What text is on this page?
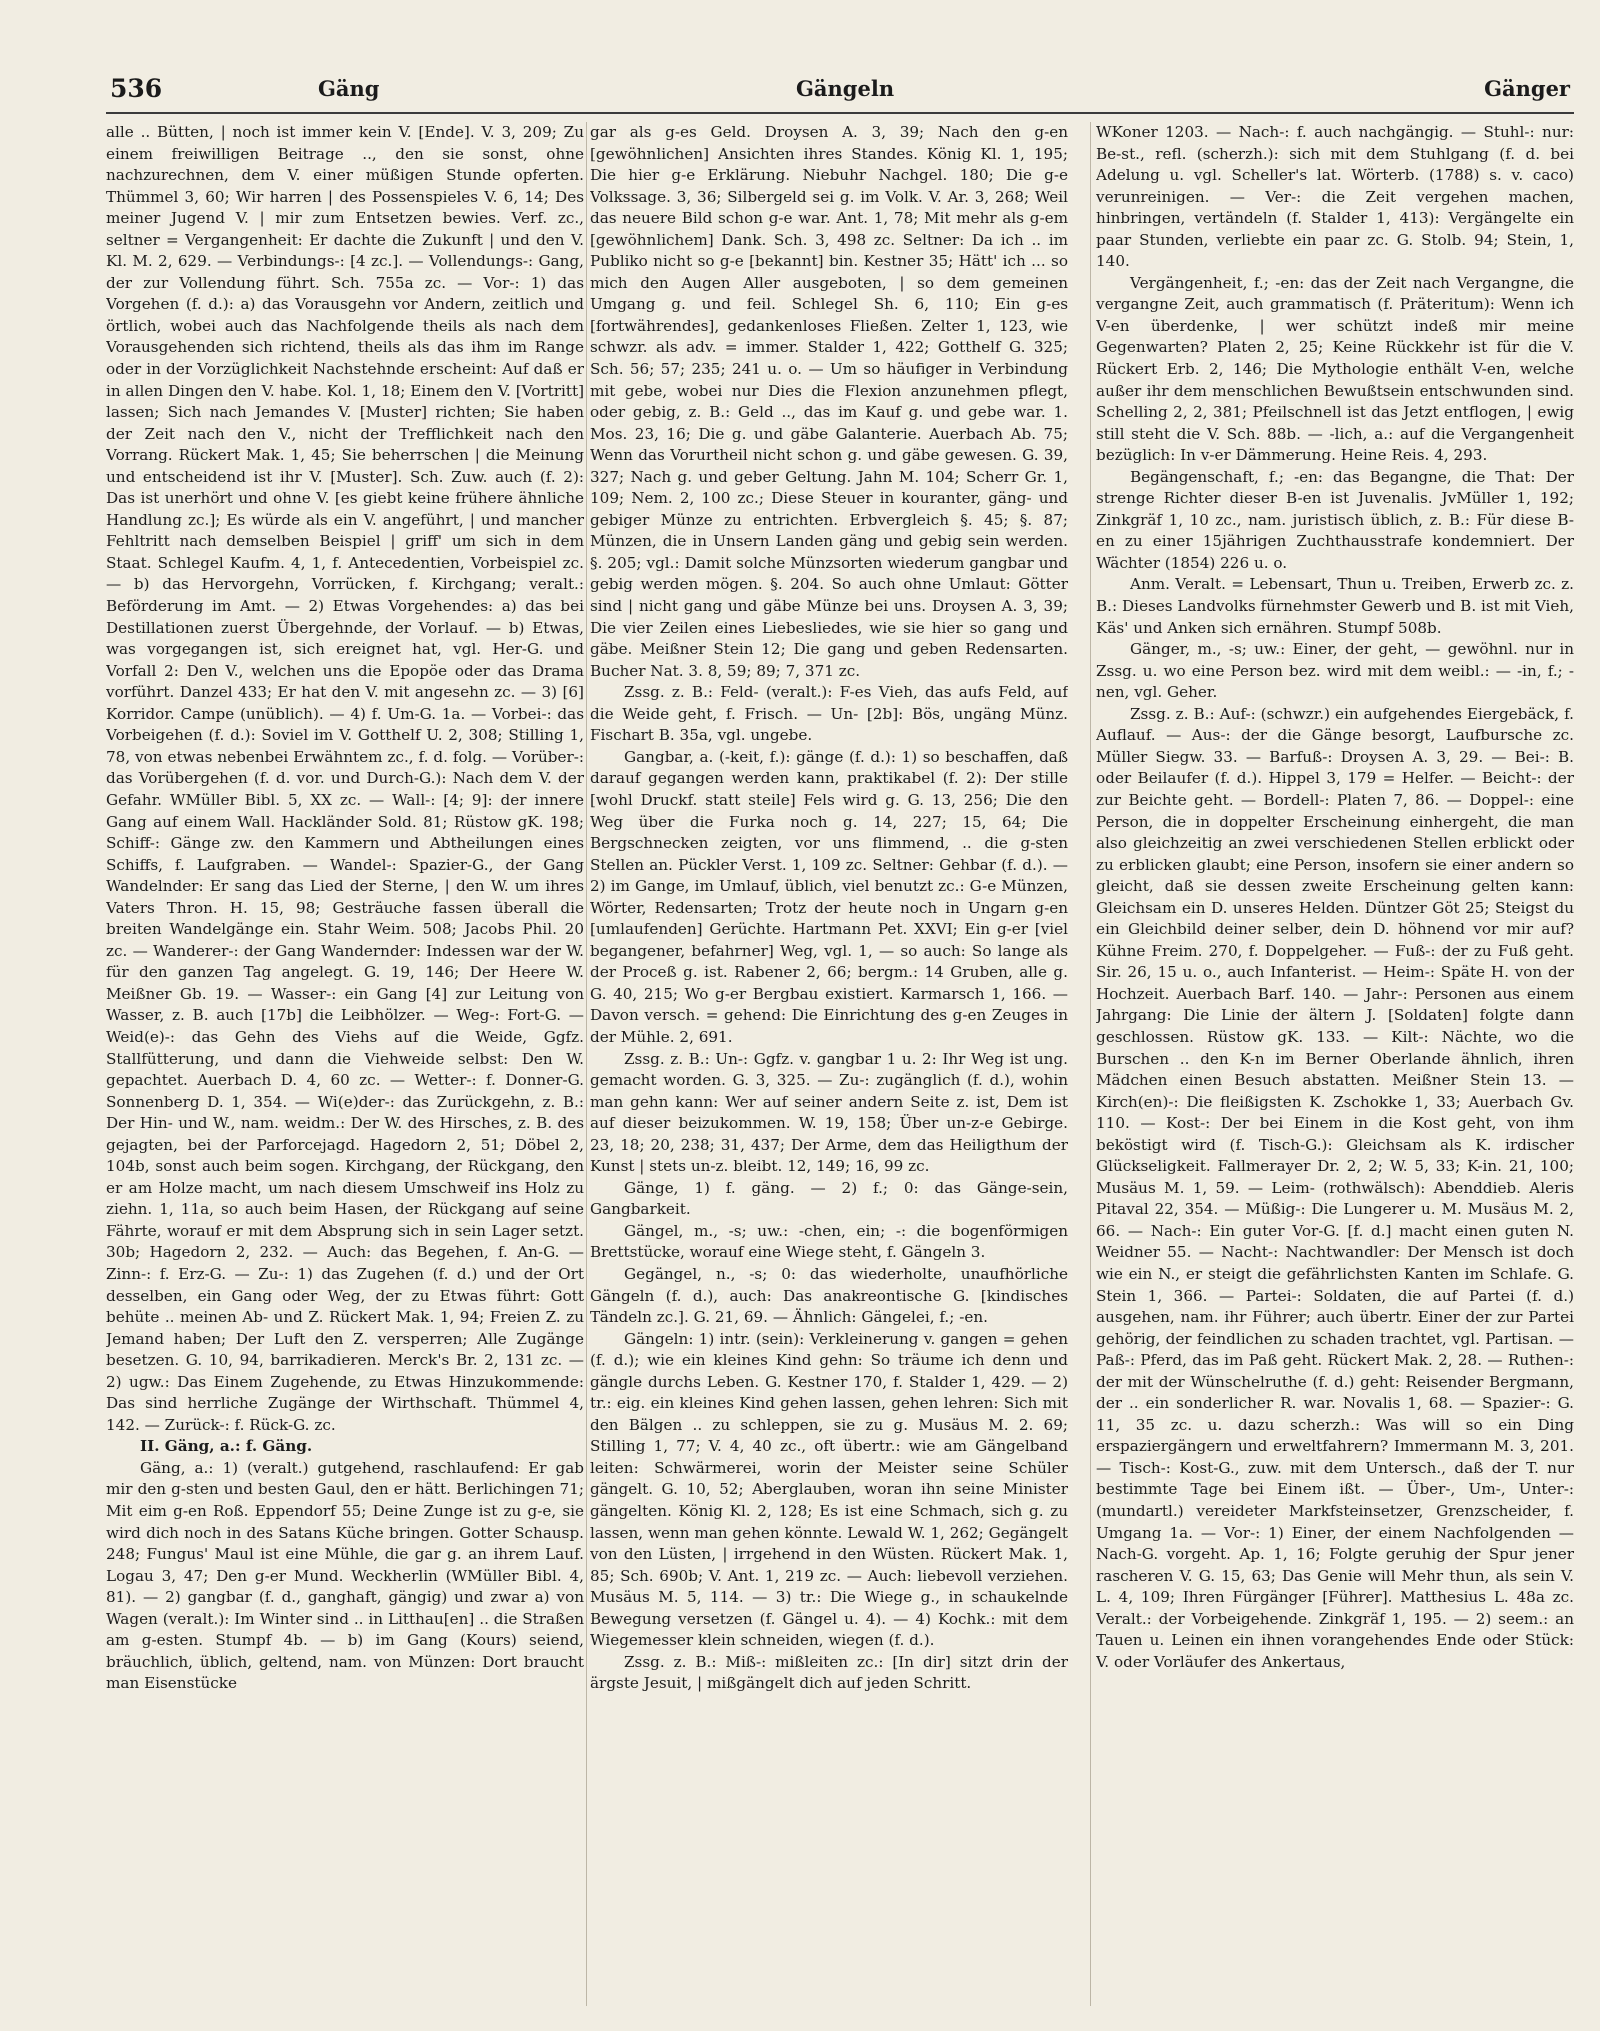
536	Gäng	Gängeln	Gänger

alle .. Bütten, | noch ist immer kein V. [Ende]. V. 3, 209; Zu einem freiwilligen Beitrage .., den sie sonst, ohne nachzurechnen, dem V. einer müßigen Stunde opferten. Thümmel 3, 60; Wir harren | des Possenspieles V. 6, 14; Des meiner Jugend V. | mir zum Entsetzen bewies. Verf. zc., seltner = Vergangenheit: Er dachte die Zukunft | und den V. Kl. M. 2, 629. — Verbindungs-: [4 zc.]. — Vollendungs-: Gang, der zur Vollendung führt. Sch. 755a zc. — Vor-: 1) das Vorgehen (f. d.): a) das Vorausgehn vor Andern, zeitlich und örtlich, wobei auch das Nachfolgende theils als nach dem Vorausgehenden sich richtend, theils als das ihm im Range oder in der Vorzüglichkeit Nachstehnde erscheint: Auf daß er in allen Dingen den V. habe. Kol. 1, 18; Einem den V. [Vortritt] lassen; Sich nach Jemandes V. [Muster] richten; Sie haben der Zeit nach den V., nicht der Trefflichkeit nach den Vorrang. Rückert Mak. 1, 45; Sie beherrschen | die Meinung und entscheidend ist ihr V. [Muster]. Sch. Zuw. auch (f. 2): Das ist unerhört und ohne V. [es giebt keine frühere ähnliche Handlung zc.]; Es würde als ein V. angeführt, | und mancher Fehltritt nach demselben Beispiel | griff' um sich in dem Staat. Schlegel Kaufm. 4, 1, f. Antecedentien, Vorbeispiel zc. — b) das Hervorgehn, Vorrücken, f. Kirchgang; veralt.: Beförderung im Amt. — 2) Etwas Vorgehendes: a) das bei Destillationen zuerst Übergehnde, der Vorlauf. — b) Etwas, was vorgegangen ist, sich ereignet hat, vgl. Her-G. und Vorfall 2: Den V., welchen uns die Epopöe oder das Drama vorführt. Danzel 433; Er hat den V. mit angesehn zc. — 3) [6] Korridor. Campe (unüblich). — 4) f. Um-G. 1a. — Vorbei-: das Vorbeigehen (f. d.): Soviel im V. Gotthelf U. 2, 308; Stilling 1, 78, von etwas nebenbei Erwähntem zc., f. d. folg. — Vorüber-: das Vorübergehen (f. d. vor. und Durch-G.): Nach dem V. der Gefahr. WMüller Bibl. 5, XX zc. — Wall-: [4; 9]: der innere Gang auf einem Wall. Hackländer Sold. 81; Rüstow gK. 198; Schiff-: Gänge zw. den Kammern und Abtheilungen eines Schiffs, f. Laufgraben. — Wandel-: Spazier-G., der Gang Wandelnder: Er sang das Lied der Sterne, | den W. um ihres Vaters Thron. H. 15, 98; Gesträuche fassen überall die breiten Wandelgänge ein. Stahr Weim. 508; Jacobs Phil. 20 zc. — Wanderer-: der Gang Wandernder: Indessen war der W. für den ganzen Tag angelegt. G. 19, 146; Der Heere W. Meißner Gb. 19. — Wasser-: ein Gang [4] zur Leitung von Wasser, z. B. auch [17b] die Leibhölzer. — Weg-: Fort-G. — Weid(e)-: das Gehn des Viehs auf die Weide, Ggfz. Stallfütterung, und dann die Viehweide selbst: Den W. gepachtet. Auerbach D. 4, 60 zc. — Wetter-: f. Donner-G. Sonnenberg D. 1, 354. — Wi(e)der-: das Zurückgehn, z. B.: Der Hin- und W., nam. weidm.: Der W. des Hirsches, z. B. des gejagten, bei der Parforcejagd. Hagedorn 2, 51; Döbel 2, 104b, sonst auch beim sogen. Kirchgang, der Rückgang, den er am Holze macht, um nach diesem Umschweif ins Holz zu ziehn. 1, 11a, so auch beim Hasen, der Rückgang auf seine Fährte, worauf er mit dem Absprung sich in sein Lager setzt. 30b; Hagedorn 2, 232. — Auch: das Begehen, f. An-G. — Zinn-: f. Erz-G. — Zu-: 1) das Zugehen (f. d.) und der Ort desselben, ein Gang oder Weg, der zu Etwas führt: Gott behüte .. meinen Ab- und Z. Rückert Mak. 1, 94; Freien Z. zu Jemand haben; Der Luft den Z. versperren; Alle Zugänge besetzen. G. 10, 94, barrikadieren. Merck's Br. 2, 131 zc. — 2) ugw.: Das Einem Zugehende, zu Etwas Hinzukommende: Das sind herrliche Zugänge der Wirthschaft. Thümmel 4, 142. — Zurück-: f. Rück-G. zc.

II. Gäng, a.: f. Gäng.

Gäng, a.: 1) (veralt.) gutgehend, raschlaufend: Er gab mir den g-sten und besten Gaul, den er hätt. Berlichingen 71; Mit eim g-en Roß. Eppendorf 55; Deine Zunge ist zu g-e, sie wird dich noch in des Satans Küche bringen. Gotter Schausp. 248; Fungus' Maul ist eine Mühle, die gar g. an ihrem Lauf. Logau 3, 47; Den g-er Mund. Weckherlin (WMüller Bibl. 4, 81). — 2) gangbar (f. d., ganghaft, gängig) und zwar a) von Wagen (veralt.): Im Winter sind .. in Litthau[en] .. die Straßen am g-esten. Stumpf 4b. — b) im Gang (Kours) seiend, bräuchlich, üblich, geltend, nam. von Münzen: Dort braucht man Eisenstücke

gar als g-es Geld. Droysen A. 3, 39; Nach den g-en [gewöhnlichen] Ansichten ihres Standes. König Kl. 1, 195; Die hier g-e Erklärung. Niebuhr Nachgel. 180; Die g-e Volkssage. 3, 36; Silbergeld sei g. im Volk. V. Ar. 3, 268; Weil das neuere Bild schon g-e war. Ant. 1, 78; Mit mehr als g-em [gewöhnlichem] Dank. Sch. 3, 498 zc. Seltner: Da ich .. im Publiko nicht so g-e [bekannt] bin. Kestner 35; Hätt' ich ... so mich den Augen Aller ausgeboten, | so dem gemeinen Umgang g. und feil. Schlegel Sh. 6, 110; Ein g-es [fortwährendes], gedankenloses Fließen. Zelter 1, 123, wie schwzr. als adv. = immer. Stalder 1, 422; Gotthelf G. 325; Sch. 56; 57; 235; 241 u. o. — Um so häufiger in Verbindung mit gebe, wobei nur Dies die Flexion anzunehmen pflegt, oder gebig, z. B.: Geld .., das im Kauf g. und gebe war. 1. Mos. 23, 16; Die g. und gäbe Galanterie. Auerbach Ab. 75; Wenn das Vorurtheil nicht schon g. und gäbe gewesen. G. 39, 327; Nach g. und geber Geltung. Jahn M. 104; Scherr Gr. 1, 109; Nem. 2, 100 zc.; Diese Steuer in kouranter, gäng- und gebiger Münze zu entrichten. Erbvergleich §. 45; §. 87; Münzen, die in Unsern Landen gäng und gebig sein werden. §. 205; vgl.: Damit solche Münzsorten wiederum gangbar und gebig werden mögen. §. 204. So auch ohne Umlaut: Götter sind | nicht gang und gäbe Münze bei uns. Droysen A. 3, 39; Die vier Zeilen eines Liebesliedes, wie sie hier so gang und gäbe. Meißner Stein 12; Die gang und geben Redensarten. Bucher Nat. 3. 8, 59; 89; 7, 371 zc.

Zssg. z. B.: Feld- (veralt.): F-es Vieh, das aufs Feld, auf die Weide geht, f. Frisch. — Un- [2b]: Bös, ungäng Münz. Fischart B. 35a, vgl. ungebe.

Gangbar, a. (-keit, f.): gänge (f. d.): 1) so beschaffen, daß darauf gegangen werden kann, praktikabel (f. 2): Der stille [wohl Druckf. statt steile] Fels wird g. G. 13, 256; Die den Weg über die Furka noch g. 14, 227; 15, 64; Die Bergschnecken zeigten, vor uns flimmend, .. die g-sten Stellen an. Pückler Verst. 1, 109 zc. Seltner: Gehbar (f. d.). — 2) im Gange, im Umlauf, üblich, viel benutzt zc.: G-e Münzen, Wörter, Redensarten; Trotz der heute noch in Ungarn g-en [umlaufenden] Gerüchte. Hartmann Pet. XXVI; Ein g-er [viel begangener, befahrner] Weg, vgl. 1, — so auch: So lange als der Proceß g. ist. Rabener 2, 66; bergm.: 14 Gruben, alle g. G. 40, 215; Wo g-er Bergbau existiert. Karmarsch 1, 166. — Davon versch. = gehend: Die Einrichtung des g-en Zeuges in der Mühle. 2, 691.

Zssg. z. B.: Un-: Ggfz. v. gangbar 1 u. 2: Ihr Weg ist ung. gemacht worden. G. 3, 325. — Zu-: zugänglich (f. d.), wohin man gehn kann: Wer auf seiner andern Seite z. ist, Dem ist auf dieser beizukommen. W. 19, 158; Über un-z-e Gebirge. 23, 18; 20, 238; 31, 437; Der Arme, dem das Heiligthum der Kunst | stets un-z. bleibt. 12, 149; 16, 99 zc.

Gänge, 1) f. gäng. — 2) f.; 0: das Gänge-sein, Gangbarkeit.

Gängel, m., -s; uw.: -chen, ein; -: die bogenförmigen Brettstücke, worauf eine Wiege steht, f. Gängeln 3.

Gegängel, n., -s; 0: das wiederholte, unaufhörliche Gängeln (f. d.), auch: Das anakreontische G. [kindisches Tändeln zc.]. G. 21, 69. — Ähnlich: Gängelei, f.; -en.

Gängeln: 1) intr. (sein): Verkleinerung v. gangen = gehen (f. d.); wie ein kleines Kind gehn: So träume ich denn und gängle durchs Leben. G. Kestner 170, f. Stalder 1, 429. — 2) tr.: eig. ein kleines Kind gehen lassen, gehen lehren: Sich mit den Bälgen .. zu schleppen, sie zu g. Musäus M. 2. 69; Stilling 1, 77; V. 4, 40 zc., oft übertr.: wie am Gängelband leiten: Schwärmerei, worin der Meister seine Schüler gängelt. G. 10, 52; Aberglauben, woran ihn seine Minister gängelten. König Kl. 2, 128; Es ist eine Schmach, sich g. zu lassen, wenn man gehen könnte. Lewald W. 1, 262; Gegängelt von den Lüsten, | irrgehend in den Wüsten. Rückert Mak. 1, 85; Sch. 690b; V. Ant. 1, 219 zc. — Auch: liebevoll verziehen. Musäus M. 5, 114. — 3) tr.: Die Wiege g., in schaukelnde Bewegung versetzen (f. Gängel u. 4). — 4) Kochk.: mit dem Wiegemesser klein schneiden, wiegen (f. d.).

Zssg. z. B.: Miß-: mißleiten zc.: [In dir] sitzt drin der ärgste Jesuit, | mißgängelt dich auf jeden Schritt.

WKoner 1203. — Nach-: f. auch nachgängig. — Stuhl-: nur: Be-st., refl. (scherzh.): sich mit dem Stuhlgang (f. d. bei Adelung u. vgl. Scheller's lat. Wörterb. (1788) s. v. caco) verunreinigen. — Ver-: die Zeit vergehen machen, hinbringen, vertändeln (f. Stalder 1, 413): Vergängelte ein paar Stunden, verliebte ein paar zc. G. Stolb. 94; Stein, 1, 140.

Vergängenheit, f.; -en: das der Zeit nach Vergangne, die vergangne Zeit, auch grammatisch (f. Präteritum): Wenn ich V-en überdenke, | wer schützt indeß mir meine Gegenwarten? Platen 2, 25; Keine Rückkehr ist für die V. Rückert Erb. 2, 146; Die Mythologie enthält V-en, welche außer ihr dem menschlichen Bewußtsein entschwunden sind. Schelling 2, 2, 381; Pfeilschnell ist das Jetzt entflogen, | ewig still steht die V. Sch. 88b. — -lich, a.: auf die Vergangenheit bezüglich: In v-er Dämmerung. Heine Reis. 4, 293.

Begängenschaft, f.; -en: das Begangne, die That: Der strenge Richter dieser B-en ist Juvenalis. JvMüller 1, 192; Zinkgräf 1, 10 zc., nam. juristisch üblich, z. B.: Für diese B-en zu einer 15jährigen Zuchthausstrafe kondemniert. Der Wächter (1854) 226 u. o.

Anm. Veralt. = Lebensart, Thun u. Treiben, Erwerb zc. z. B.: Dieses Landvolks fürnehmster Gewerb und B. ist mit Vieh, Käs' und Anken sich ernähren. Stumpf 508b.

Gänger, m., -s; uw.: Einer, der geht, — gewöhnl. nur in Zssg. u. wo eine Person bez. wird mit dem weibl.: — -in, f.; -nen, vgl. Geher.

Zssg. z. B.: Auf-: (schwzr.) ein aufgehendes Eiergebäck, f. Auflauf. — Aus-: der die Gänge besorgt, Laufbursche zc. Müller Siegw. 33. — Barfuß-: Droysen A. 3, 29. — Bei-: B. oder Beilaufer (f. d.). Hippel 3, 179 = Helfer. — Beicht-: der zur Beichte geht. — Bordell-: Platen 7, 86. — Doppel-: eine Person, die in doppelter Erscheinung einhergeht, die man also gleichzeitig an zwei verschiedenen Stellen erblickt oder zu erblicken glaubt; eine Person, insofern sie einer andern so gleicht, daß sie dessen zweite Erscheinung gelten kann: Gleichsam ein D. unseres Helden. Düntzer Göt 25; Steigst du ein Gleichbild deiner selber, dein D. höhnend vor mir auf? Kühne Freim. 270, f. Doppelgeher. — Fuß-: der zu Fuß geht. Sir. 26, 15 u. o., auch Infanterist. — Heim-: Späte H. von der Hochzeit. Auerbach Barf. 140. — Jahr-: Personen aus einem Jahrgang: Die Linie der ältern J. [Soldaten] folgte dann geschlossen. Rüstow gK. 133. — Kilt-: Nächte, wo die Burschen .. den K-n im Berner Oberlande ähnlich, ihren Mädchen einen Besuch abstatten. Meißner Stein 13. — Kirch(en)-: Die fleißigsten K. Zschokke 1, 33; Auerbach Gv. 110. — Kost-: Der bei Einem in die Kost geht, von ihm beköstigt wird (f. Tisch-G.): Gleichsam als K. irdischer Glückseligkeit. Fallmerayer Dr. 2, 2; W. 5, 33; K-in. 21, 100; Musäus M. 1, 59. — Leim- (rothwälsch): Abenddieb. Aleris Pitaval 22, 354. — Müßig-: Die Lungerer u. M. Musäus M. 2, 66. — Nach-: Ein guter Vor-G. [f. d.] macht einen guten N. Weidner 55. — Nacht-: Nachtwandler: Der Mensch ist doch wie ein N., er steigt die gefährlichsten Kanten im Schlafe. G. Stein 1, 366. — Partei-: Soldaten, die auf Partei (f. d.) ausgehen, nam. ihr Führer; auch übertr. Einer der zur Partei gehörig, der feindlichen zu schaden trachtet, vgl. Partisan. — Paß-: Pferd, das im Paß geht. Rückert Mak. 2, 28. — Ruthen-: der mit der Wünschelruthe (f. d.) geht: Reisender Bergmann, der .. ein sonderlicher R. war. Novalis 1, 68. — Spazier-: G. 11, 35 zc. u. dazu scherzh.: Was will so ein Ding erspaziergängern und erweltfahrern? Immermann M. 3, 201. — Tisch-: Kost-G., zuw. mit dem Untersch., daß der T. nur bestimmte Tage bei Einem ißt. — Über-, Um-, Unter-: (mundartl.) vereideter Markfsteinsetzer, Grenzscheider, f. Umgang 1a. — Vor-: 1) Einer, der einem Nachfolgenden — Nach-G. vorgeht. Ap. 1, 16; Folgte geruhig der Spur jener rascheren V. G. 15, 63; Das Genie will Mehr thun, als sein V. L. 4, 109; Ihren Fürgänger [Führer]. Matthesius L. 48a zc. Veralt.: der Vorbeigehende. Zinkgräf 1, 195. — 2) seem.: an Tauen u. Leinen ein ihnen vorangehendes Ende oder Stück: V. oder Vorläufer des Ankertaus,
